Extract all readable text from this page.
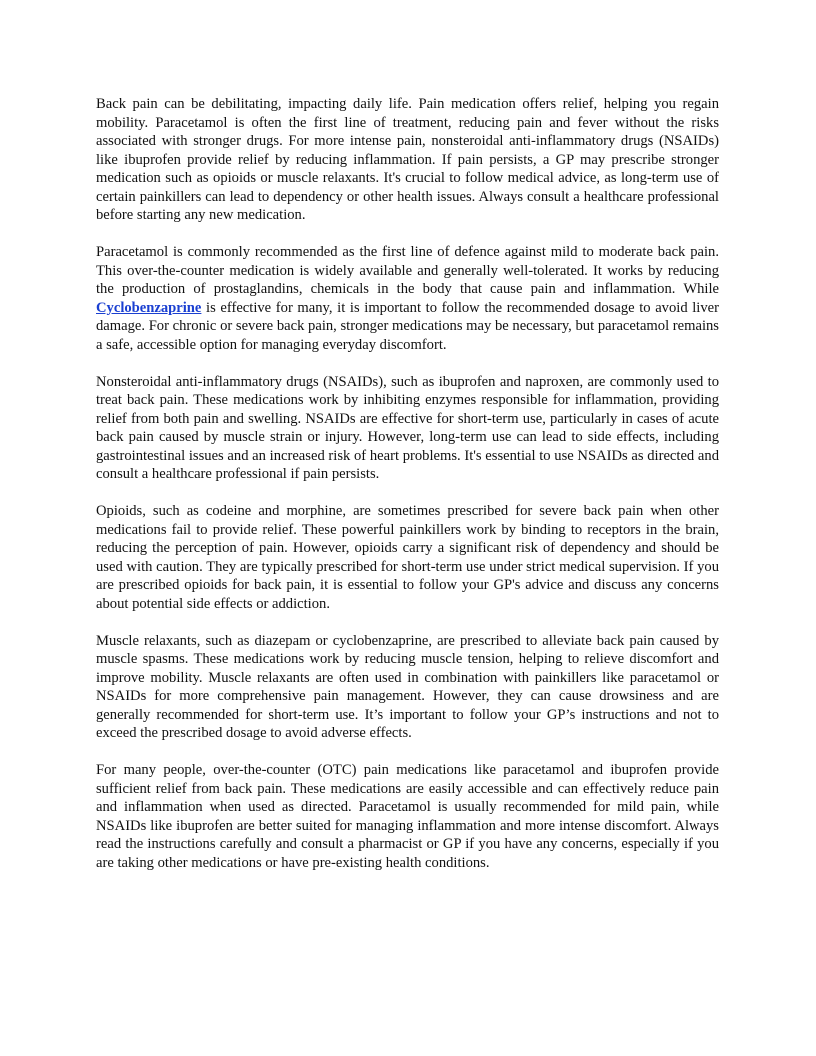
Back pain can be debilitating, impacting daily life. Pain medication offers relief, helping you regain mobility. Paracetamol is often the first line of treatment, reducing pain and fever without the risks associated with stronger drugs. For more intense pain, nonsteroidal anti-inflammatory drugs (NSAIDs) like ibuprofen provide relief by reducing inflammation. If pain persists, a GP may prescribe stronger medication such as opioids or muscle relaxants. It's crucial to follow medical advice, as long-term use of certain painkillers can lead to dependency or other health issues. Always consult a healthcare professional before starting any new medication.

Paracetamol is commonly recommended as the first line of defence against mild to moderate back pain. This over-the-counter medication is widely available and generally well-tolerated. It works by reducing the production of prostaglandins, chemicals in the body that cause pain and inflammation. While Cyclobenzaprine is effective for many, it is important to follow the recommended dosage to avoid liver damage. For chronic or severe back pain, stronger medications may be necessary, but paracetamol remains a safe, accessible option for managing everyday discomfort.

Nonsteroidal anti-inflammatory drugs (NSAIDs), such as ibuprofen and naproxen, are commonly used to treat back pain. These medications work by inhibiting enzymes responsible for inflammation, providing relief from both pain and swelling. NSAIDs are effective for short-term use, particularly in cases of acute back pain caused by muscle strain or injury. However, long-term use can lead to side effects, including gastrointestinal issues and an increased risk of heart problems. It's essential to use NSAIDs as directed and consult a healthcare professional if pain persists.

Opioids, such as codeine and morphine, are sometimes prescribed for severe back pain when other medications fail to provide relief. These powerful painkillers work by binding to receptors in the brain, reducing the perception of pain. However, opioids carry a significant risk of dependency and should be used with caution. They are typically prescribed for short-term use under strict medical supervision. If you are prescribed opioids for back pain, it is essential to follow your GP's advice and discuss any concerns about potential side effects or addiction.

Muscle relaxants, such as diazepam or cyclobenzaprine, are prescribed to alleviate back pain caused by muscle spasms. These medications work by reducing muscle tension, helping to relieve discomfort and improve mobility. Muscle relaxants are often used in combination with painkillers like paracetamol or NSAIDs for more comprehensive pain management. However, they can cause drowsiness and are generally recommended for short-term use. It’s important to follow your GP’s instructions and not to exceed the prescribed dosage to avoid adverse effects.

For many people, over-the-counter (OTC) pain medications like paracetamol and ibuprofen provide sufficient relief from back pain. These medications are easily accessible and can effectively reduce pain and inflammation when used as directed. Paracetamol is usually recommended for mild pain, while NSAIDs like ibuprofen are better suited for managing inflammation and more intense discomfort. Always read the instructions carefully and consult a pharmacist or GP if you have any concerns, especially if you are taking other medications or have pre-existing health conditions.
